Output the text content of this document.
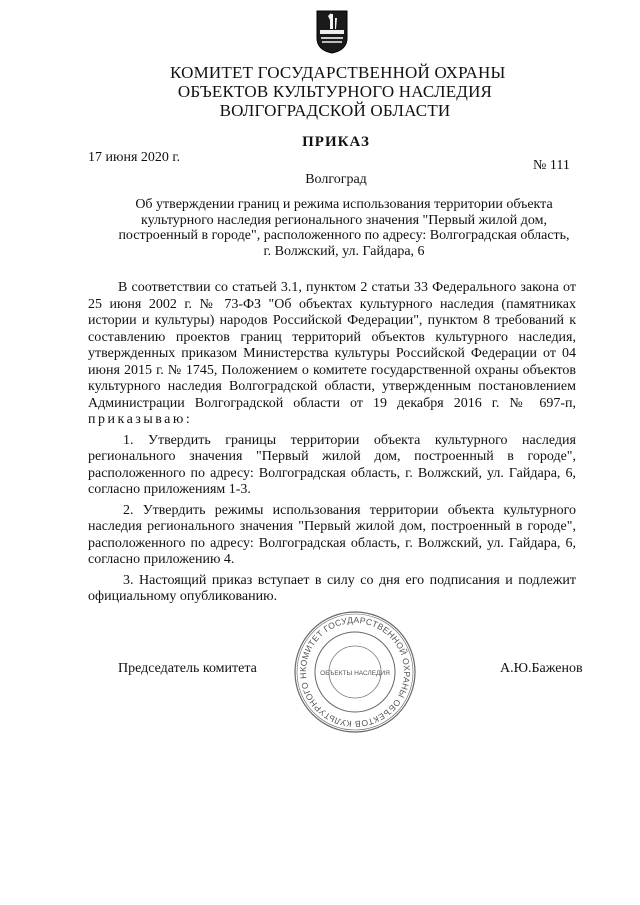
КОМИТЕТ ГОСУДАРСТВЕННОЙ ОХРАНЫ
ОБЪЕКТОВ КУЛЬТУРНОГО НАСЛЕДИЯ
ВОЛГОГРАДСКОЙ ОБЛАСТИ
ПРИКАЗ
17 июня 2020 г.
№ 111
Волгоград
Об утверждении границ и режима использования территории объекта
культурного наследия регионального значения "Первый жилой дом,
построенный в городе", расположенного по адресу: Волгоградская область,
г. Волжский, ул. Гайдара, 6

В соответствии со статьей 3.1, пунктом 2 статьи 33 Федерального закона от 25 июня 2002 г. № 73-ФЗ "Об объектах культурного наследия (памятниках истории и культуры) народов Российской Федерации", пунктом 8 требований к составлению проектов границ территорий объектов культурного наследия, утвержденных приказом Министерства культуры Российской Федерации от 04 июня 2015 г. № 1745, Положением о комитете государственной охраны объектов культурного наследия Волгоградской области, утвержденным постановлением Администрации Волгоградской области от 19 декабря 2016 г. № 697-п, приказываю:

1. Утвердить границы территории объекта культурного наследия регионального значения "Первый жилой дом, построенный в городе", расположенного по адресу: Волгоградская область, г. Волжский, ул. Гайдара, 6, согласно приложениям 1-3.

2. Утвердить режимы использования территории объекта культурного наследия регионального значения "Первый жилой дом, построенный в городе", расположенного по адресу: Волгоградская область, г. Волжский, ул. Гайдара, 6, согласно приложению 4.

3. Настоящий приказ вступает в силу со дня его подписания и подлежит официальному опубликованию.

КОМИТЕТ ГОСУДАРСТВЕННОЙ ОХРАНЫ ОБЪЕКТОВ КУЛЬТУРНОГО Н	ОБЪЕКТЫ НАСЛЕДИЯ
Председатель комитета	А.Ю.Баженов
